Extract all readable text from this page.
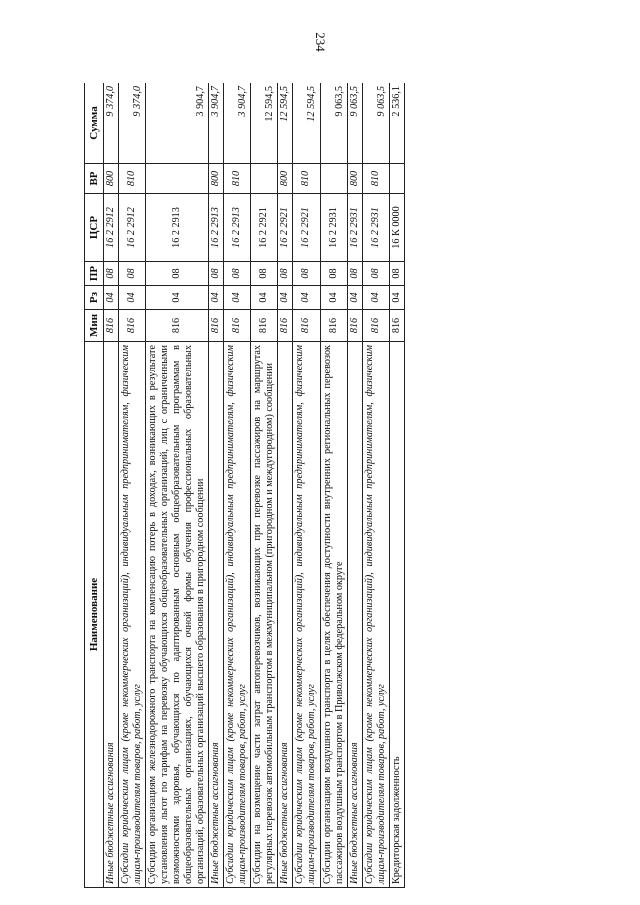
234
Наименование	Мин	Рз	ПР	ЦСР	ВР	Сумма
Иные бюджетные ассигнования	816	04	08	16 2 2912	800	9 374,0
Субсидии юридическим лицам (кроме некоммерческих организаций), индивидуальным предпринимателям, физическим лицам-производителям товаров, работ, услуг	816	04	08	16 2 2912	810	9 374,0
Субсидии организациям железнодорожного транспорта на компенсацию потерь в доходах, возникающих в результате установления льгот по тарифам на перевозку обучающихся общеобразовательных организаций, лиц с ограниченными возможностями здоровья, обучающихся по адаптированным основным общеобразовательным программам в общеобразовательных организациях, обучающихся очной формы обучения профессиональных образовательных организаций, образовательных организаций высшего образования в пригородном сообщении	816	04	08	16 2 2913		3 904,7
Иные бюджетные ассигнования	816	04	08	16 2 2913	800	3 904,7
Субсидии юридическим лицам (кроме некоммерческих организаций), индивидуальным предпринимателям, физическим лицам-производителям товаров, работ, услуг	816	04	08	16 2 2913	810	3 904,7
Субсидии на возмещение части затрат автоперевозчиков, возникающих при перевозке пассажиров на маршрутах регулярных перевозок автомобильным транспортом в межмуниципальном (пригородном и междугородном) сообщении	816	04	08	16 2 2921		12 594,5
Иные бюджетные ассигнования	816	04	08	16 2 2921	800	12 594,5
Субсидии юридическим лицам (кроме некоммерческих организаций), индивидуальным предпринимателям, физическим лицам-производителям товаров, работ, услуг	816	04	08	16 2 2921	810	12 594,5
Субсидии организациям воздушного транспорта в целях обеспечения доступности внутренних региональных перевозок пассажиров воздушным транспортом в Приволжском федеральном округе	816	04	08	16 2 2931		9 063,5
Иные бюджетные ассигнования	816	04	08	16 2 2931	800	9 063,5
Субсидии юридическим лицам (кроме некоммерческих организаций), индивидуальным предпринимателям, физическим лицам-производителям товаров, работ, услуг	816	04	08	16 2 2931	810	9 063,5
Кредиторская задолженность	816	04	08	16 К 0000		2 536,1
